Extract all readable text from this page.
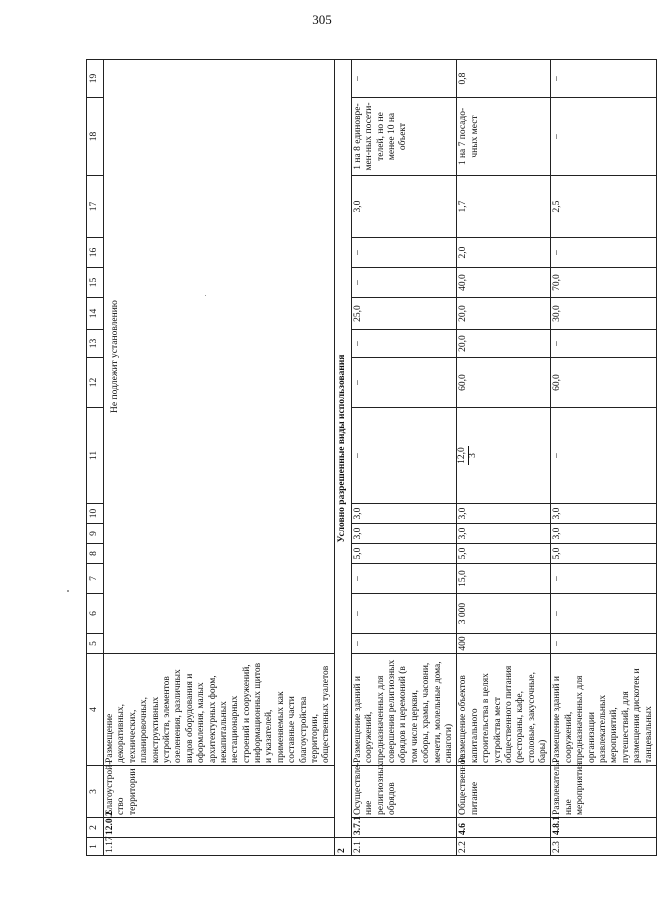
305
1	2	3	4	5	6	7	8	9	10	11	12	13	14	15	16	17	18	19
1.17	12.0.2	Благоустрой-ство территории	Размещение декоративных, технических, планировочных, конструктивных устройств, элементов озеленения, различных видов оборудования и оформления, малых архитектурных форм, некапитальных нестационарных строений и сооружений, информационных щитов и указателей, применяемых как составные части благоустройства территории, общественных туалетов	Не подлежит установлению														
2	Условно разрешенные виды использования																	
2.1	3.7.1	Осуществле-ние религиозных обрядов	Размещение зданий и сооружений, предназначенных для совершения религиозных обрядов и церемоний (в том числе церкви, соборы, храмы, часовни, мечети, молельные дома, синагоги)	–	–	–	5,0	3,0	3,0	–	–	–	25,0	–	–	3,0	1 на 8 единовре-мен-ных посети-телей, но не менее 10 на объект	–
2.2	4.6	Общественное питание	Размещение объектов капитального строительства в целях устройства мест общественного питания (рестораны, кафе, столовые, закусочные, бары)	400	3 000	15,0	5,0	3,0	3,0	12,0 3	60,0	20,0	20,0	40,0	2,0	1,7	1 на 7 посадо-чных мест	0,8
2.3	4.8.1	Развлекатель-ные мероприятия	Размещение зданий и сооружений, предназначенных для организации развлекательных мероприятий, путешествий, для размещения дискотек и танцевальных	–	–	–	5,0	3,0	3,0	–	60,0	–	30,0	70,0	–	2,5	–	–
